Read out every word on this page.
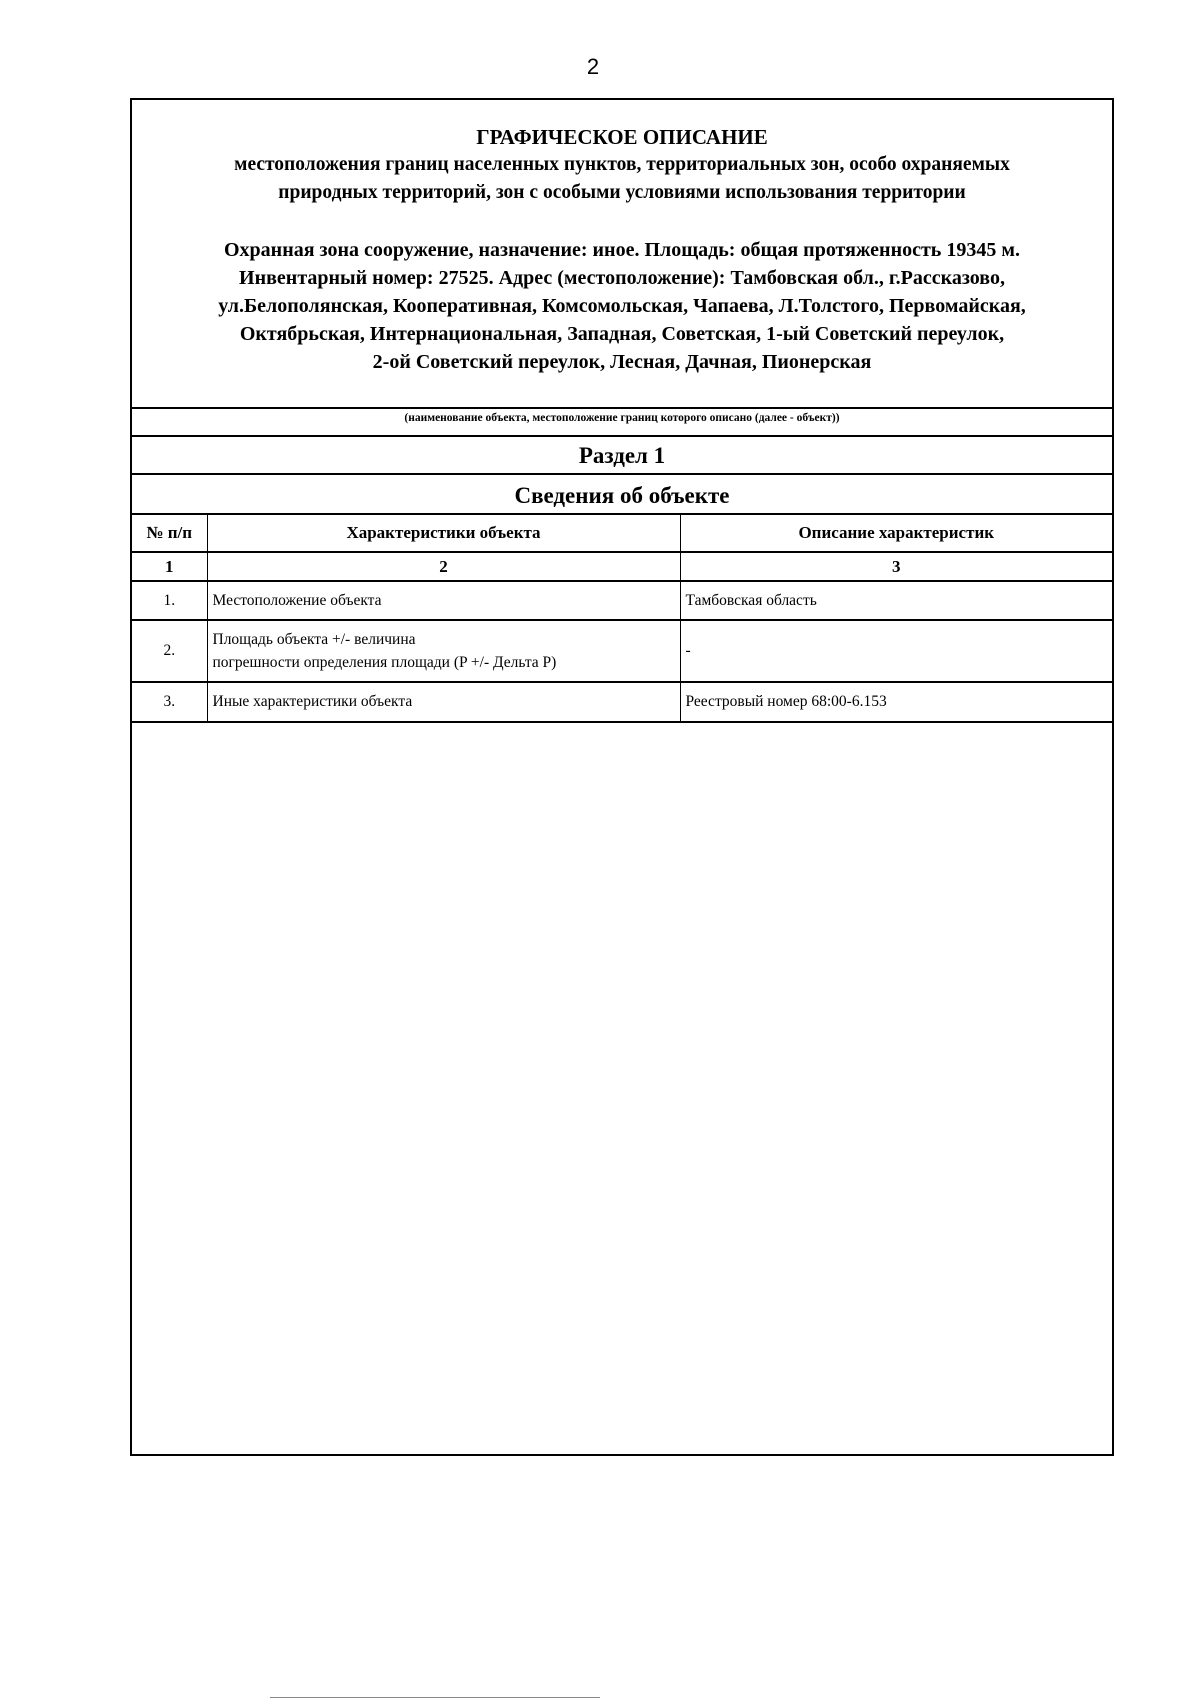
2
ГРАФИЧЕСКОЕ ОПИСАНИЕ
местоположения границ населенных пунктов, территориальных зон, особо охраняемых
природных территорий, зон с особыми условиями использования территории
Охранная зона сооружение, назначение: иное. Площадь: общая протяженность 19345 м.
Инвентарный номер: 27525. Адрес (местоположение): Тамбовская обл., г.Рассказово,
ул.Белополянская, Кооперативная, Комсомольская, Чапаева, Л.Толстого, Первомайская,
Октябрьская, Интернациональная, Западная, Советская, 1-ый Советский переулок,
2-ой Советский переулок, Лесная, Дачная, Пионерская
(наименование объекта, местоположение границ которого описано (далее - объект))
Раздел 1
Сведения об объекте
№ п/п	Характеристики объекта	Описание характеристик
1	2	3
1.	Местоположение объекта	Тамбовская область
2.	Площадь объекта +/- величина
погрешности определения площади (P +/- Дельта P)	-
3.	Иные характеристики объекта	Реестровый номер 68:00-6.153
